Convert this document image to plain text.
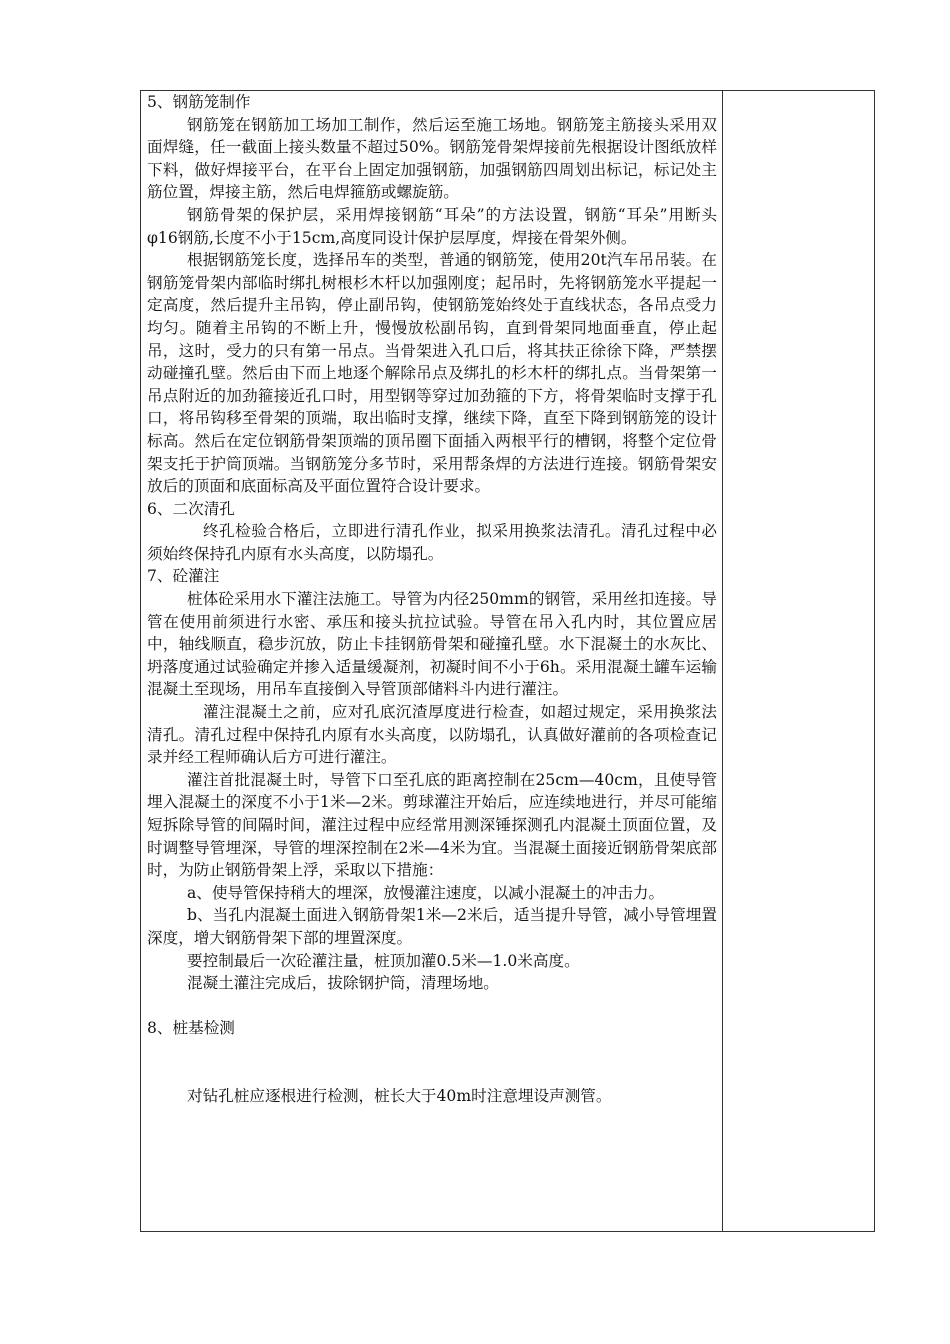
5、钢筋笼制作

钢筋笼在钢筋加工场加工制作，然后运至施工场地。钢筋笼主筋接头采用双面焊缝，任一截面上接头数量不超过50%。钢筋笼骨架焊接前先根据设计图纸放样下料，做好焊接平台，在平台上固定加强钢筋，加强钢筋四周划出标记，标记处主筋位置，焊接主筋，然后电焊箍筋或螺旋筋。

钢筋骨架的保护层，采用焊接钢筋“耳朵”的方法设置，钢筋“耳朵”用断头φ16钢筋,长度不小于15cm,高度同设计保护层厚度，焊接在骨架外侧。

根据钢筋笼长度，选择吊车的类型，普通的钢筋笼，使用20t汽车吊吊装。在钢筋笼骨架内部临时绑扎树根杉木杆以加强刚度；起吊时，先将钢筋笼水平提起一定高度，然后提升主吊钩，停止副吊钩，使钢筋笼始终处于直线状态，各吊点受力均匀。随着主吊钩的不断上升，慢慢放松副吊钩，直到骨架同地面垂直，停止起吊，这时，受力的只有第一吊点。当骨架进入孔口后，将其扶正徐徐下降，严禁摆动碰撞孔壁。然后由下而上地逐个解除吊点及绑扎的杉木杆的绑扎点。当骨架第一吊点附近的加劲箍接近孔口时，用型钢等穿过加劲箍的下方，将骨架临时支撑于孔口，将吊钩移至骨架的顶端，取出临时支撑，继续下降，直至下降到钢筋笼的设计标高。然后在定位钢筋骨架顶端的顶吊圈下面插入两根平行的槽钢，将整个定位骨架支托于护筒顶端。当钢筋笼分多节时，采用帮条焊的方法进行连接。钢筋骨架安放后的顶面和底面标高及平面位置符合设计要求。

6、二次清孔

终孔检验合格后，立即进行清孔作业，拟采用换浆法清孔。清孔过程中必须始终保持孔内原有水头高度，以防塌孔。

7、砼灌注

桩体砼采用水下灌注法施工。导管为内径250mm的钢管，采用丝扣连接。导管在使用前须进行水密、承压和接头抗拉试验。导管在吊入孔内时，其位置应居中，轴线顺直，稳步沉放，防止卡挂钢筋骨架和碰撞孔壁。水下混凝土的水灰比、坍落度通过试验确定并掺入适量缓凝剂，初凝时间不小于6h。采用混凝土罐车运输混凝土至现场，用吊车直接倒入导管顶部储料斗内进行灌注。

灌注混凝土之前，应对孔底沉渣厚度进行检查，如超过规定，采用换浆法清孔。清孔过程中保持孔内原有水头高度，以防塌孔，认真做好灌前的各项检查记录并经工程师确认后方可进行灌注。

灌注首批混凝土时，导管下口至孔底的距离控制在25cm—40cm，且使导管埋入混凝土的深度不小于1米—2米。剪球灌注开始后，应连续地进行，并尽可能缩短拆除导管的间隔时间，灌注过程中应经常用测深锤探测孔内混凝土顶面位置，及时调整导管埋深，导管的埋深控制在2米—4米为宜。当混凝土面接近钢筋骨架底部时，为防止钢筋骨架上浮，采取以下措施：

a、使导管保持稍大的埋深，放慢灌注速度，以减小混凝土的冲击力。

b、当孔内混凝土面进入钢筋骨架1米—2米后，适当提升导管，减小导管埋置深度，增大钢筋骨架下部的埋置深度。

要控制最后一次砼灌注量，桩顶加灌0.5米—1.0米高度。

混凝土灌注完成后，拔除钢护筒，清理场地。

8、桩基检测

对钻孔桩应逐根进行检测，桩长大于40m时注意埋设声测管。
